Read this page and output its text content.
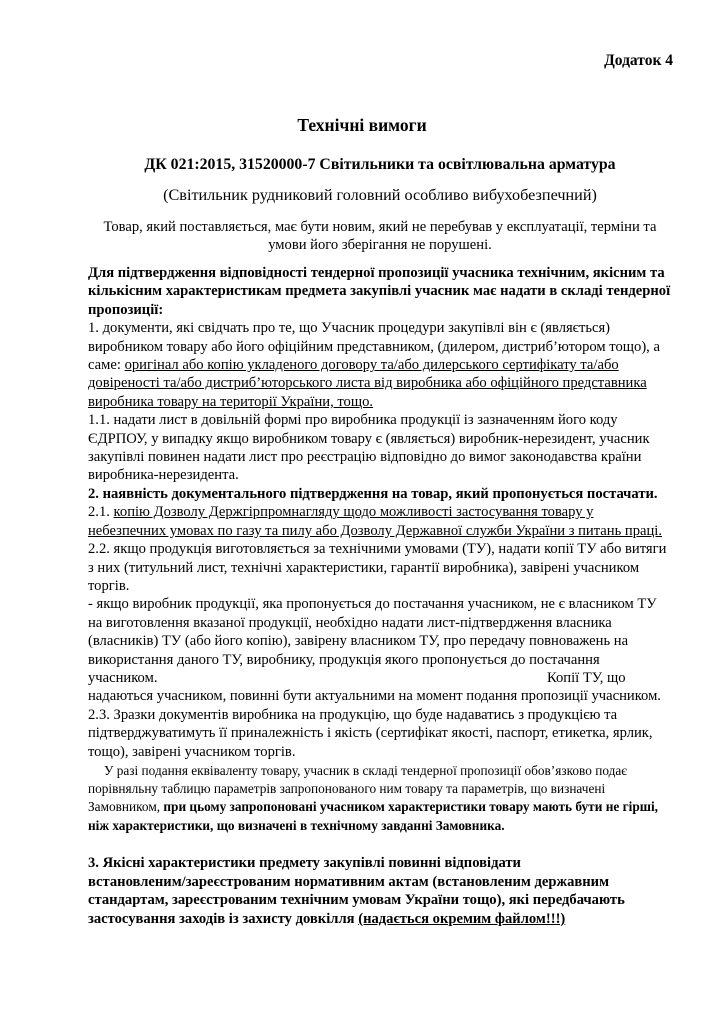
Додаток 4
Технічні вимоги
ДК 021:2015, 31520000-7 Світильники та освітлювальна арматура
(Світильник рудниковий головний особливо вибухобезпечний)
Товар, який поставляється, має бути новим, який не перебував у експлуатації, терміни та
умови його зберігання не порушені.
Для підтвердження відповідності тендерної пропозиції учасника технічним, якісним та
кількісним характеристикам предмета закупівлі учасник має надати в складі тендерної
пропозиції:
1. документи, які свідчать про те, що Учасник процедури закупівлі він є (являється)
виробником товару або його офіційним представником, (дилером, дистриб’ютором тощо), а
саме: оригінал або копію укладеного договору та/або дилерського сертифікату та/або
довіреності та/або дистриб’юторського листа від виробника або офіційного представника
виробника товару на території України, тощо.
1.1. надати лист в довільній формі про виробника продукції із зазначенням його коду
ЄДРПОУ, у випадку якщо виробником товару є (являється) виробник-нерезидент, учасник
закупівлі повинен надати лист про реєстрацію відповідно до вимог законодавства країни
виробника-нерезидента.
2. наявність документального підтвердження на товар, який пропонується постачати.
2.1. копію Дозволу Держгірпромнагляду щодо можливості застосування товару у
небезпечних умовах по газу та пилу або Дозволу Державної служби України з питань праці.
2.2. якщо продукція виготовляється за технічними умовами (ТУ), надати копії ТУ або витяги
з них (титульний лист, технічні характеристики, гарантії виробника), завірені учасником
торгів.
- якщо виробник продукції, яка пропонується до постачання учасником, не є власником ТУ
на виготовлення вказаної продукції, необхідно надати лист-підтвердження власника
(власників) ТУ (або його копію), завірену власником ТУ, про передачу повноважень на
використання даного ТУ, виробнику, продукція якого пропонується до постачання
учасником.	Копії ТУ, що
надаються учасником, повинні бути актуальними на момент подання пропозиції учасником.
2.3. Зразки документів виробника на продукцію, що буде надаватись з продукцією та
підтверджуватимуть її приналежність і якість (сертифікат якості, паспорт, етикетка, ярлик,
тощо), завірені учасником торгів.
У разі подання еквіваленту товару, учасник в складі тендерної пропозиції обов’язково подає
порівняльну таблицю параметрів запропонованого ним товару та параметрів, що визначені
Замовником, при цьому запропоновані учасником характеристики товару мають бути не гірші,
ніж характеристики, що визначені в технічному завданні Замовника.
3. Якісні характеристики предмету закупівлі повинні відповідати
встановленим/зареєстрованим нормативним актам (встановленим державним
стандартам, зареєстрованим технічним умовам України тощо), які передбачають
застосування заходів із захисту довкілля (надається окремим файлом!!!)
